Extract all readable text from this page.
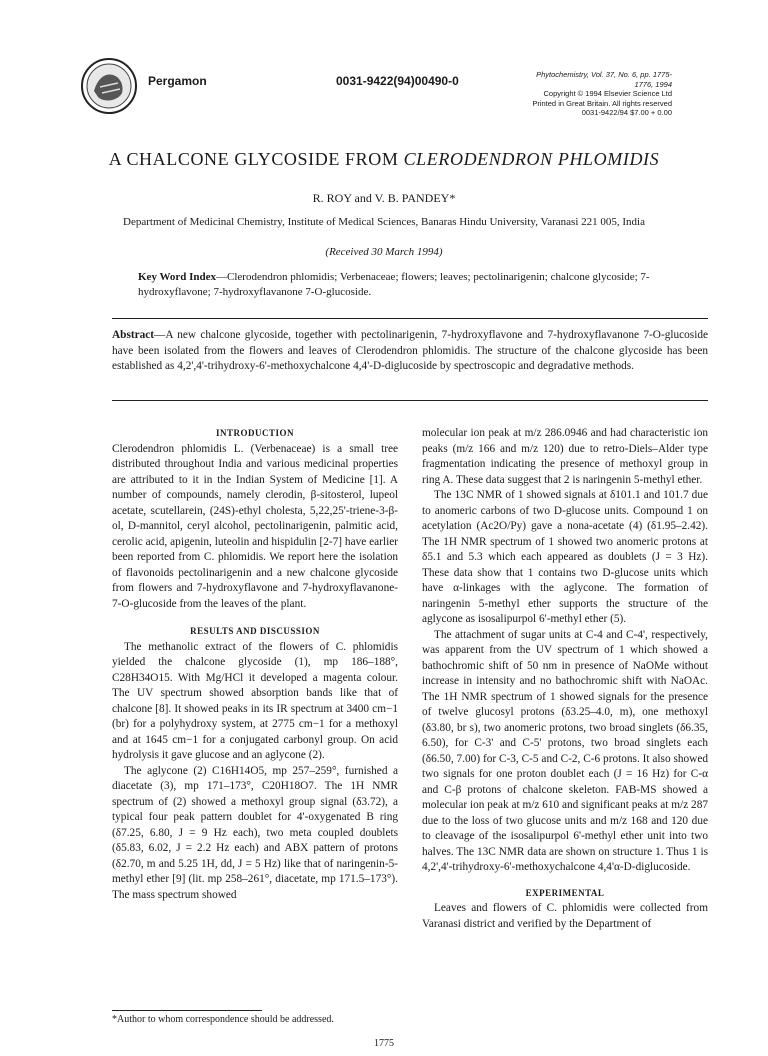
Pergamon	0031-9422(94)00490-0	Phytochemistry, Vol. 37, No. 6, pp. 1775-1776, 1994
Copyright © 1994 Elsevier Science Ltd
Printed in Great Britain. All rights reserved
0031-9422/94 $7.00 + 0.00
A CHALCONE GLYCOSIDE FROM CLERODENDRON PHLOMIDIS
R. ROY and V. B. PANDEY*
Department of Medicinal Chemistry, Institute of Medical Sciences, Banaras Hindu University, Varanasi 221 005, India
(Received 30 March 1994)
Key Word Index—Clerodendron phlomidis; Verbenaceae; flowers; leaves; pectolinarigenin; chalcone glycoside; 7-hydroxyflavone; 7-hydroxyflavanone 7-O-glucoside.
Abstract—A new chalcone glycoside, together with pectolinarigenin, 7-hydroxyflavone and 7-hydroxyflavanone 7-O-glucoside have been isolated from the flowers and leaves of Clerodendron phlomidis. The structure of the chalcone glycoside has been established as 4,2',4'-trihydroxy-6'-methoxychalcone 4,4'-D-diglucoside by spectroscopic and degradative methods.

INTRODUCTION

Clerodendron phlomidis L. (Verbenaceae) is a small tree distributed throughout India and various medicinal properties are attributed to it in the Indian System of Medicine [1]. A number of compounds, namely clerodin, β-sitosterol, lupeol acetate, scutellarein, (24S)-ethyl cholesta, 5,22,25'-triene-3-β-ol, D-mannitol, ceryl alcohol, pectolinarigenin, palmitic acid, cerolic acid, apigenin, luteolin and hispidulin [2-7] have earlier been reported from C. phlomidis. We report here the isolation of flavonoids pectolinarigenin and a new chalcone glycoside from flowers and 7-hydroxyflavone and 7-hydroxyflavanone-7-O-glucoside from the leaves of the plant.

RESULTS AND DISCUSSION

The methanolic extract of the flowers of C. phlomidis yielded the chalcone glycoside (1), mp 186–188°, C28H34O15. With Mg/HCl it developed a magenta colour. The UV spectrum showed absorption bands like that of chalcone [8]. It showed peaks in its IR spectrum at 3400 cm−1 (br) for a polyhydroxy system, at 2775 cm−1 for a methoxyl and at 1645 cm−1 for a conjugated carbonyl group. On acid hydrolysis it gave glucose and an aglycone (2).

The aglycone (2) C16H14O5, mp 257–259°, furnished a diacetate (3), mp 171–173°, C20H18O7. The 1H NMR spectrum of (2) showed a methoxyl group signal (δ3.72), a typical four peak pattern doublet for 4'-oxygenated B ring (δ7.25, 6.80, J = 9 Hz each), two meta coupled doublets (δ5.83, 6.02, J = 2.2 Hz each) and ABX pattern of protons (δ2.70, m and 5.25 1H, dd, J = 5 Hz) like that of naringenin-5-methyl ether [9] (lit. mp 258–261°, diacetate, mp 171.5–173°). The mass spectrum showed

molecular ion peak at m/z 286.0946 and had characteristic ion peaks (m/z 166 and m/z 120) due to retro-Diels–Alder type fragmentation indicating the presence of methoxyl group in ring A. These data suggest that 2 is naringenin 5-methyl ether.

The 13C NMR of 1 showed signals at δ101.1 and 101.7 due to anomeric carbons of two D-glucose units. Compound 1 on acetylation (Ac2O/Py) gave a nona-acetate (4) (δ1.95–2.42). The 1H NMR spectrum of 1 showed two anomeric protons at δ5.1 and 5.3 which each appeared as doublets (J = 3 Hz). These data show that 1 contains two D-glucose units which have α-linkages with the aglycone. The formation of naringenin 5-methyl ether supports the structure of the aglycone as isosalipurpol 6'-methyl ether (5).

The attachment of sugar units at C-4 and C-4', respectively, was apparent from the UV spectrum of 1 which showed a bathochromic shift of 50 nm in presence of NaOMe without increase in intensity and no bathochromic shift with NaOAc. The 1H NMR spectrum of 1 showed signals for the presence of twelve glucosyl protons (δ3.25–4.0, m), one methoxyl (δ3.80, br s), two anomeric protons, two broad singlets (δ6.35, 6.50), for C-3' and C-5' protons, two broad singlets each (δ6.50, 7.00) for C-3, C-5 and C-2, C-6 protons. It also showed two signals for one proton doublet each (J = 16 Hz) for C-α and C-β protons of chalcone skeleton. FAB-MS showed a molecular ion peak at m/z 610 and significant peaks at m/z 287 due to the loss of two glucose units and m/z 168 and 120 due to cleavage of the isosalipurpol 6'-methyl ether unit into two halves. The 13C NMR data are shown on structure 1. Thus 1 is 4,2',4'-trihydroxy-6'-methoxychalcone 4,4'α-D-diglucoside.

EXPERIMENTAL

Leaves and flowers of C. phlomidis were collected from Varanasi district and verified by the Department of

*Author to whom correspondence should be addressed.
1775
